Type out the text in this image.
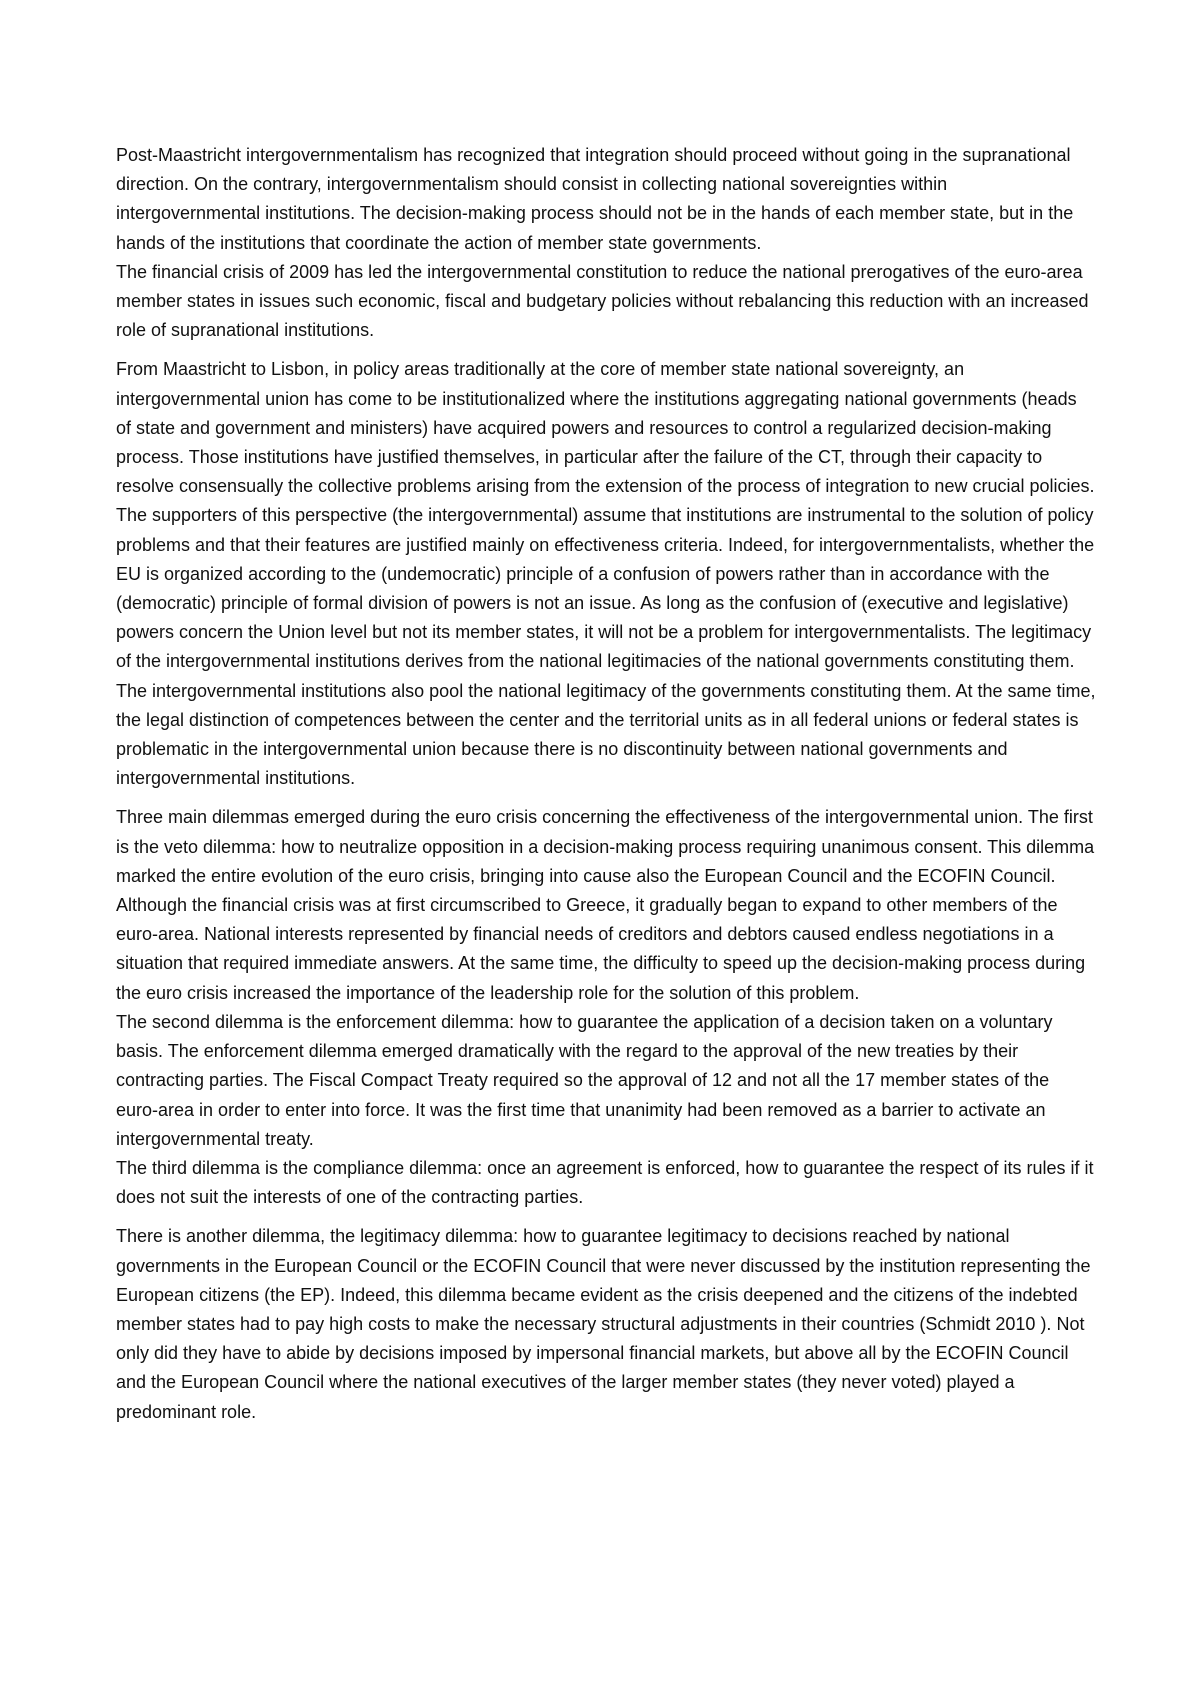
Post-Maastricht intergovernmentalism has recognized that integration should proceed without going in the supranational direction. On the contrary, intergovernmentalism should consist in collecting national sovereignties within intergovernmental institutions. The decision-making process should not be in the hands of each member state, but in the hands of the institutions that coordinate the action of member state governments.

The financial crisis of 2009 has led the intergovernmental constitution to reduce the national prerogatives of the euro-area member states in issues such economic, fiscal and budgetary policies without rebalancing this reduction with an increased role of supranational institutions.

From Maastricht to Lisbon, in policy areas traditionally at the core of member state national sovereignty, an intergovernmental union has come to be institutionalized where the institutions aggregating national governments (heads of state and government and ministers) have acquired powers and resources to control a regularized decision-making process. Those institutions have justified themselves, in particular after the failure of the CT, through their capacity to resolve consensually the collective problems arising from the extension of the process of integration to new crucial policies. The supporters of this perspective (the intergovernmental) assume that institutions are instrumental to the solution of policy problems and that their features are justified mainly on effectiveness criteria. Indeed, for intergovernmentalists, whether the EU is organized according to the (undemocratic) principle of a confusion of powers rather than in accordance with the (democratic) principle of formal division of powers is not an issue. As long as the confusion of (executive and legislative) powers concern the Union level but not its member states, it will not be a problem for intergovernmentalists. The legitimacy of the intergovernmental institutions derives from the national legitimacies of the national governments constituting them. The intergovernmental institutions also pool the national legitimacy of the governments constituting them. At the same time, the legal distinction of competences between the center and the territorial units as in all federal unions or federal states is problematic in the intergovernmental union because there is no discontinuity between national governments and intergovernmental institutions.

Three main dilemmas emerged during the euro crisis concerning the effectiveness of the intergovernmental union. The first is the veto dilemma: how to neutralize opposition in a decision-making process requiring unanimous consent. This dilemma marked the entire evolution of the euro crisis, bringing into cause also the European Council and the ECOFIN Council. Although the financial crisis was at first circumscribed to Greece, it gradually began to expand to other members of the euro-area. National interests represented by financial needs of creditors and debtors caused endless negotiations in a situation that required immediate answers. At the same time, the difficulty to speed up the decision-making process during the euro crisis increased the importance of the leadership role for the solution of this problem.

The second dilemma is the enforcement dilemma: how to guarantee the application of a decision taken on a voluntary basis. The enforcement dilemma emerged dramatically with the regard to the approval of the new treaties by their contracting parties. The Fiscal Compact Treaty required so the approval of 12 and not all the 17 member states of the euro-area in order to enter into force. It was the first time that unanimity had been removed as a barrier to activate an intergovernmental treaty.

The third dilemma is the compliance dilemma: once an agreement is enforced, how to guarantee the respect of its rules if it does not suit the interests of one of the contracting parties.

There is another dilemma, the legitimacy dilemma: how to guarantee legitimacy to decisions reached by national governments in the European Council or the ECOFIN Council that were never discussed by the institution representing the European citizens (the EP). Indeed, this dilemma became evident as the crisis deepened and the citizens of the indebted member states had to pay high costs to make the necessary structural adjustments in their countries (Schmidt 2010 ). Not only did they have to abide by decisions imposed by impersonal financial markets, but above all by the ECOFIN Council and the European Council where the national executives of the larger member states (they never voted) played a predominant role.
